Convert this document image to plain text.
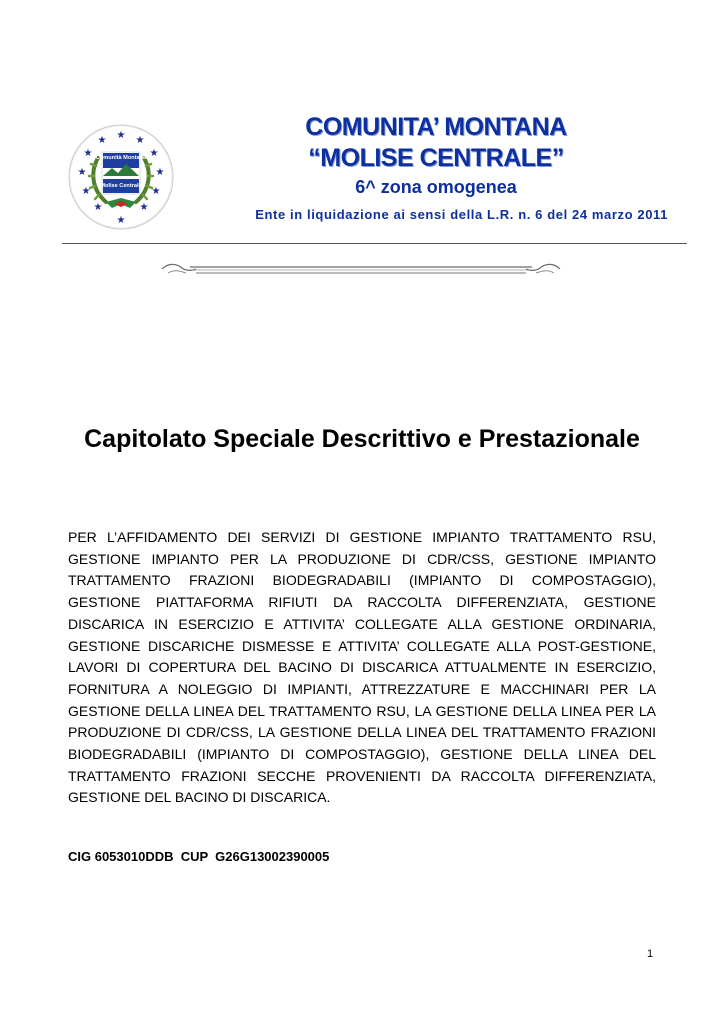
★ ★
★
★
★
★
★
★
★
★
★
★
Comunità Montana
Molise Centrale
COMUNITA’ MONTANA
“MOLISE CENTRALE”
6^ zona omogenea
Ente in liquidazione ai sensi della L.R. n. 6 del 24 marzo 2011
Capitolato Speciale Descrittivo e Prestazionale

PER L’AFFIDAMENTO DEI SERVIZI DI GESTIONE IMPIANTO TRATTAMENTO RSU, GESTIONE IMPIANTO PER LA PRODUZIONE DI CDR/CSS, GESTIONE IMPIANTO TRATTAMENTO FRAZIONI BIODEGRADABILI (IMPIANTO DI COMPOSTAGGIO), GESTIONE PIATTAFORMA RIFIUTI DA RACCOLTA DIFFERENZIATA, GESTIONE DISCARICA IN ESERCIZIO E ATTIVITA’ COLLEGATE ALLA GESTIONE ORDINARIA, GESTIONE DISCARICHE DISMESSE E ATTIVITA’ COLLEGATE ALLA POST-GESTIONE, LAVORI DI COPERTURA DEL BACINO DI DISCARICA ATTUALMENTE IN ESERCIZIO, FORNITURA A NOLEGGIO DI IMPIANTI, ATTREZZATURE E MACCHINARI PER LA GESTIONE DELLA LINEA DEL TRATTAMENTO RSU, LA GESTIONE DELLA LINEA PER LA PRODUZIONE DI CDR/CSS, LA GESTIONE DELLA LINEA DEL TRATTAMENTO FRAZIONI BIODEGRADABILI (IMPIANTO DI COMPOSTAGGIO), GESTIONE DELLA LINEA DEL TRATTAMENTO FRAZIONI SECCHE PROVENIENTI DA RACCOLTA DIFFERENZIATA, GESTIONE DEL BACINO DI DISCARICA.

CIG 6053010DDB  CUP  G26G13002390005
1
